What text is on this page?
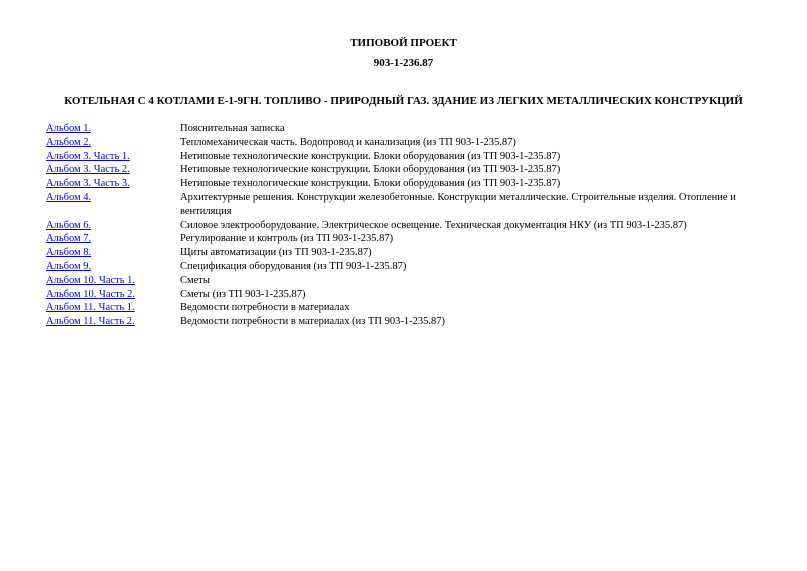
ТИПОВОЙ ПРОЕКТ
903-1-236.87
КОТЕЛЬНАЯ С 4 КОТЛАМИ Е-1-9ГН. ТОПЛИВО - ПРИРОДНЫЙ ГАЗ. ЗДАНИЕ ИЗ ЛЕГКИХ МЕТАЛЛИЧЕСКИХ КОНСТРУКЦИЙ
Альбом 1.	Пояснительная записка
Альбом 2.	Тепломеханическая часть. Водопровод и канализация (из ТП 903-1-235.87)
Альбом 3. Часть 1.	Нетиповые технологические конструкции. Блоки оборудования (из ТП 903-1-235.87)
Альбом 3. Часть 2.	Нетиповые технологические конструкции. Блоки оборудования (из ТП 903-1-235.87)
Альбом 3. Часть 3.	Нетиповые технологические конструкции. Блоки оборудования (из ТП 903-1-235.87)
Альбом 4.	Архитектурные решения. Конструкции железобетонные. Конструкции металлические. Строительные изделия. Отопление и вентиляция
Альбом 6.	Силовое электрооборудование. Электрическое освещение. Техническая документация НКУ (из ТП 903-1-235.87)
Альбом 7.	Регулирование и контроль (из ТП 903-1-235.87)
Альбом 8.	Щиты автоматизации (из ТП 903-1-235.87)
Альбом 9.	Спецификация оборудования (из ТП 903-1-235.87)
Альбом 10. Часть 1.	Сметы
Альбом 10. Часть 2.	Сметы (из ТП 903-1-235.87)
Альбом 11. Часть 1.	Ведомости потребности в материалах
Альбом 11. Часть 2.	Ведомости потребности в материалах (из ТП 903-1-235.87)
